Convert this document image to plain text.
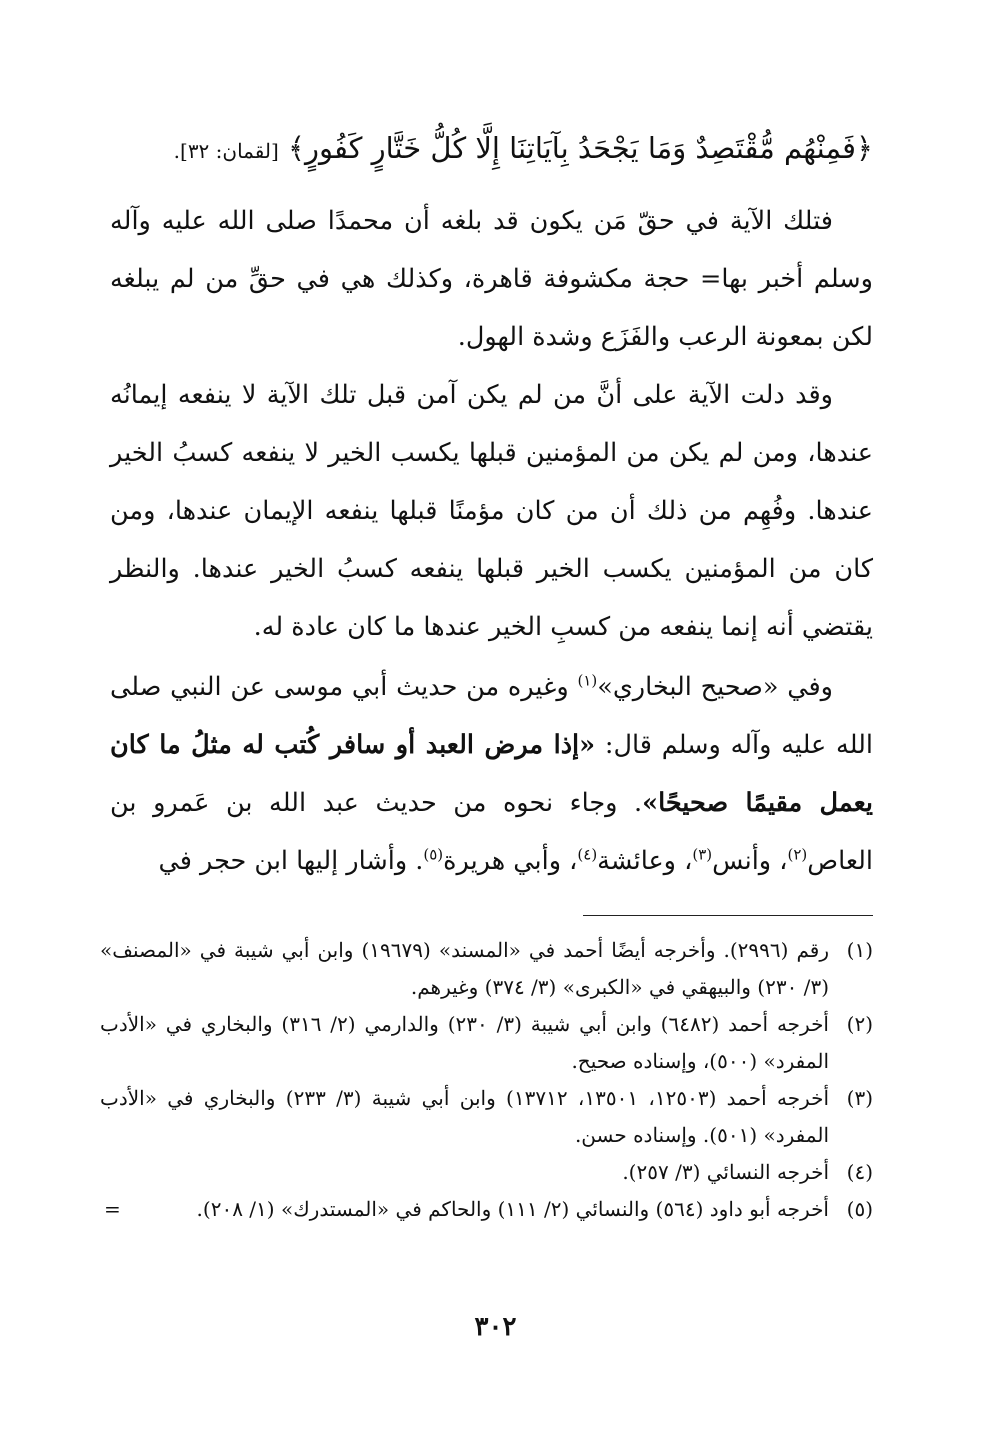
﴿فَمِنْهُم مُّقْتَصِدٌ وَمَا يَجْحَدُ بِآيَاتِنَا إِلَّا كُلُّ خَتَّارٍ كَفُورٍ﴾ [لقمان: ٣٢].
فتلك الآية في حقّ مَن يكون قد بلغه أن محمدًا صلى الله عليه وآله وسلم أخبر بها= حجة مكشوفة قاهرة، وكذلك هي في حقِّ من لم يبلغه لكن بمعونة الرعب والفَزَع وشدة الهول.
وقد دلت الآية على أنَّ من لم يكن آمن قبل تلك الآية لا ينفعه إيمانُه عندها، ومن لم يكن من المؤمنين قبلها يكسب الخير لا ينفعه كسبُ الخير عندها. وفُهِم من ذلك أن من كان مؤمنًا قبلها ينفعه الإيمان عندها، ومن كان من المؤمنين يكسب الخير قبلها ينفعه كسبُ الخير عندها. والنظر يقتضي أنه إنما ينفعه من كسبِ الخير عندها ما كان عادة له.
وفي «صحيح البخاري»$^{(١)}$ وغيره من حديث أبي موسى عن النبي صلى الله عليه وآله وسلم قال: «إذا مرض العبد أو سافر كُتب له مثلُ ما كان يعمل مقيمًا صحيحًا». وجاء نحوه من حديث عبد الله بن عَمرو بن العاص$^{(٢)}$، وأنس$^{(٣)}$، وعائشة$^{(٤)}$، وأبي هريرة$^{(٥)}$. وأشار إليها ابن حجر في
(١)
رقم (٢٩٩٦). وأخرجه أيضًا أحمد في «المسند» (١٩٦٧٩) وابن أبي شيبة في «المصنف» (٣/ ٢٣٠) والبيهقي في «الكبرى» (٣/ ٣٧٤) وغيرهم.
(٢)
أخرجه أحمد (٦٤٨٢) وابن أبي شيبة (٣/ ٢٣٠) والدارمي (٢/ ٣١٦) والبخاري في «الأدب المفرد» (٥٠٠)، وإسناده صحيح.
(٣)
أخرجه أحمد (١٢٥٠٣، ١٣٥٠١، ١٣٧١٢) وابن أبي شيبة (٣/ ٢٣٣) والبخاري في «الأدب المفرد» (٥٠١). وإسناده حسن.
(٤)
أخرجه النسائي (٣/ ٢٥٧).
(٥)
أخرجه أبو داود (٥٦٤) والنسائي (٢/ ١١١) والحاكم في «المستدرك» (١/ ٢٠٨).
=
٣٠٢
